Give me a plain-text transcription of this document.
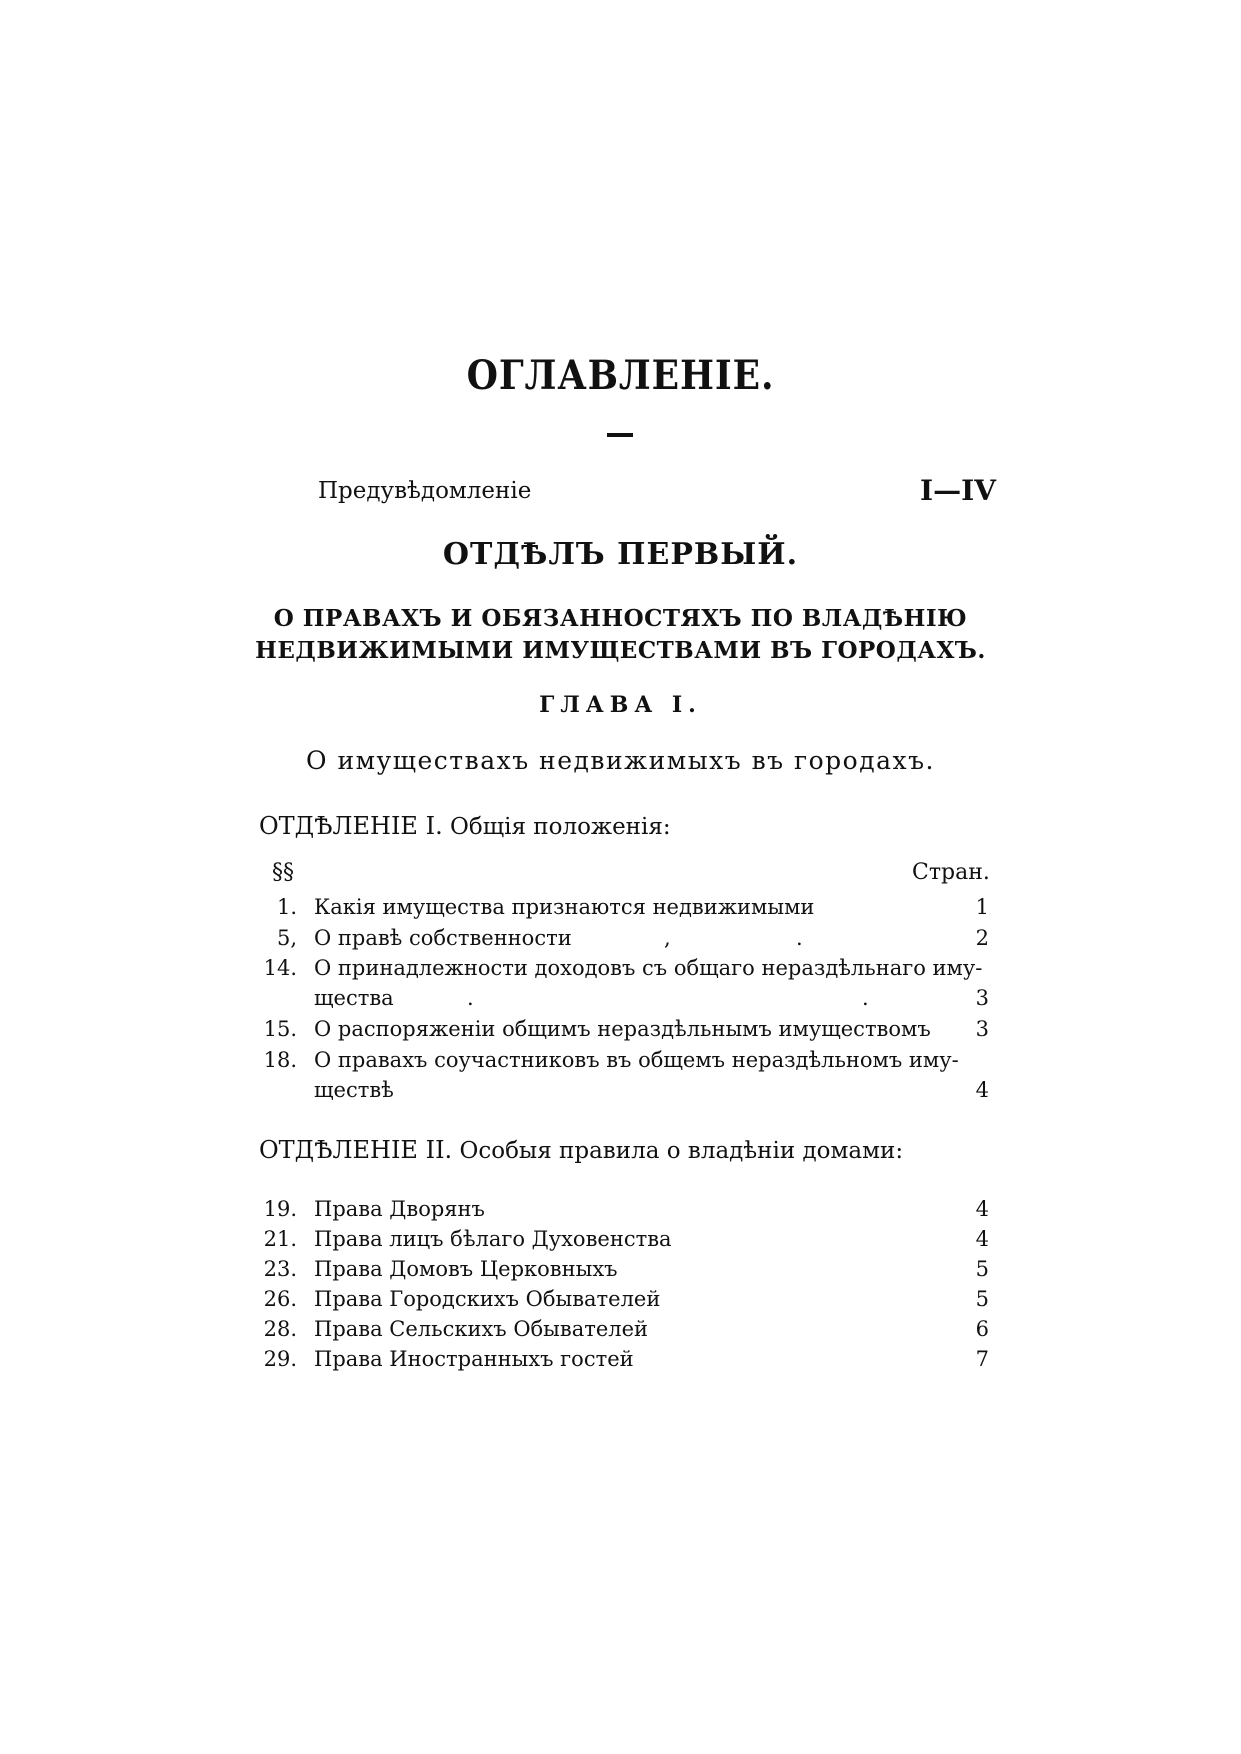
ОГЛАВЛЕНІЕ.
Предувѣдомленіе	I—IV
ОТДѢЛЪ ПЕРВЫЙ.
О ПРАВАХЪ И ОБЯЗАННОСТЯХЪ ПО ВЛАДѢНІЮ НЕДВИЖИМЫМИ ИМУЩЕСТВАМИ ВЪ ГОРОДАХЪ.
ГЛАВА І.
О имуществахъ недвижимыхъ въ городахъ.
ОТДѢЛЕНІЕ І. Общія положенія:
§§	Стран.
1. Какія имущества признаются недвижимыми	1
5, О правѣ собственности	,	.	2
14. О принадлежности доходовъ съ общаго нераздѣльнаго иму-
щества	.	.	3
15. О распоряженіи общимъ нераздѣльнымъ имуществомъ 3
18. О правахъ соучастниковъ въ общемъ нераздѣльномъ иму-
ществѣ	4
ОТДѢЛЕНІЕ II. Особыя правила о владѣніи домами:
19. Права Дворянъ	4
21. Права лицъ бѣлаго Духовенства	4
23. Права Домовъ Церковныхъ	5
26. Права Городскихъ Обывателей	5
28. Права Сельскихъ Обывателей	6
29. Права Иностранныхъ гостей	7
